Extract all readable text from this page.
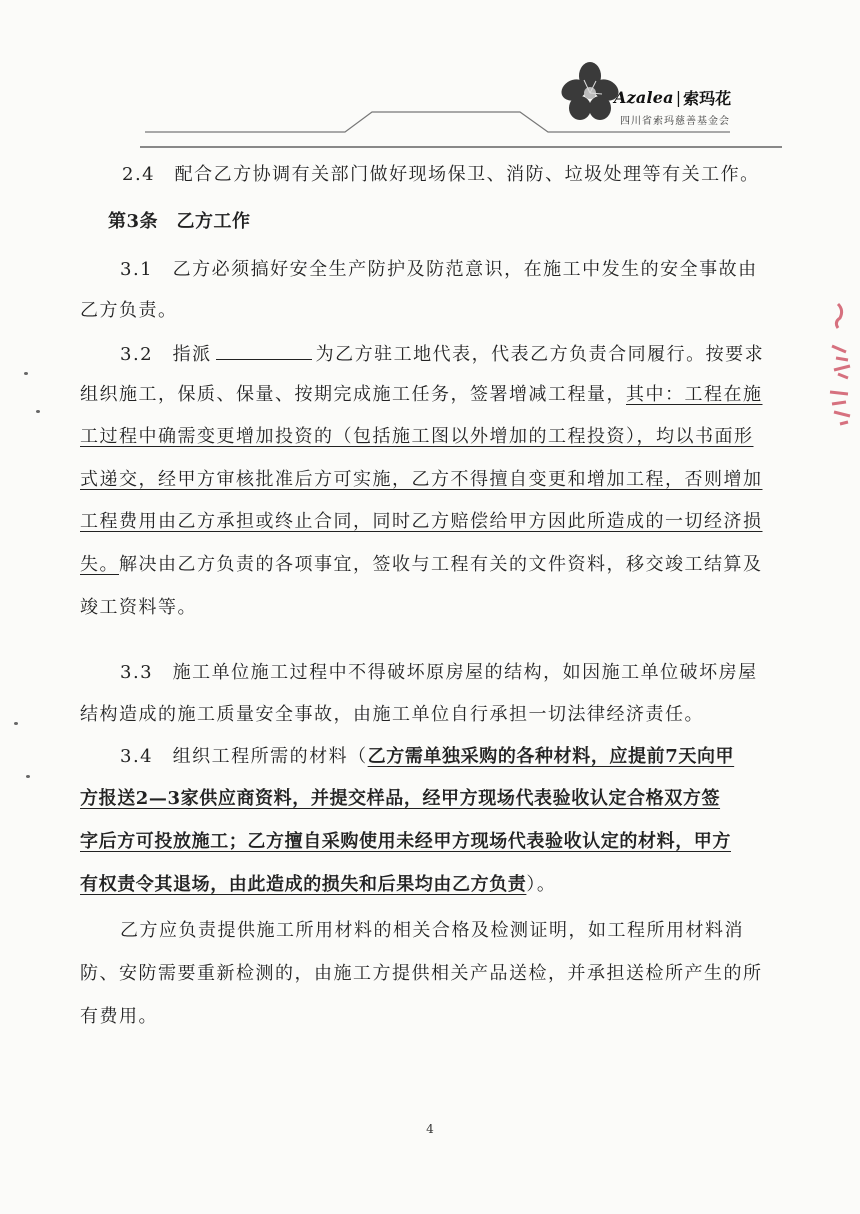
Azalea | 索玛花
四川省索玛慈善基金会
2.4　配合乙方协调有关部门做好现场保卫、消防、垃圾处理等有关工作。
第3条　乙方工作
3.1　乙方必须搞好安全生产防护及防范意识，在施工中发生的安全事故由
乙方负责。
3.2　指派	为乙方驻工地代表，代表乙方负责合同履行。按要求
组织施工，保质、保量、按期完成施工任务，签署增减工程量，其中：工程在施
工过程中确需变更增加投资的（包括施工图以外增加的工程投资），均以书面形
式递交，经甲方审核批准后方可实施，乙方不得擅自变更和增加工程，否则增加
工程费用由乙方承担或终止合同，同时乙方赔偿给甲方因此所造成的一切经济损
失。解决由乙方负责的各项事宜，签收与工程有关的文件资料，移交竣工结算及
竣工资料等。
3.3　施工单位施工过程中不得破坏原房屋的结构，如因施工单位破坏房屋
结构造成的施工质量安全事故，由施工单位自行承担一切法律经济责任。
3.4　组织工程所需的材料（乙方需单独采购的各种材料，应提前7天向甲
方报送2—3家供应商资料，并提交样品，经甲方现场代表验收认定合格双方签
字后方可投放施工；乙方擅自采购使用未经甲方现场代表验收认定的材料，甲方
有权责令其退场，由此造成的损失和后果均由乙方负责）。
乙方应负责提供施工所用材料的相关合格及检测证明，如工程所用材料消
防、安防需要重新检测的，由施工方提供相关产品送检，并承担送检所产生的所
有费用。
4
